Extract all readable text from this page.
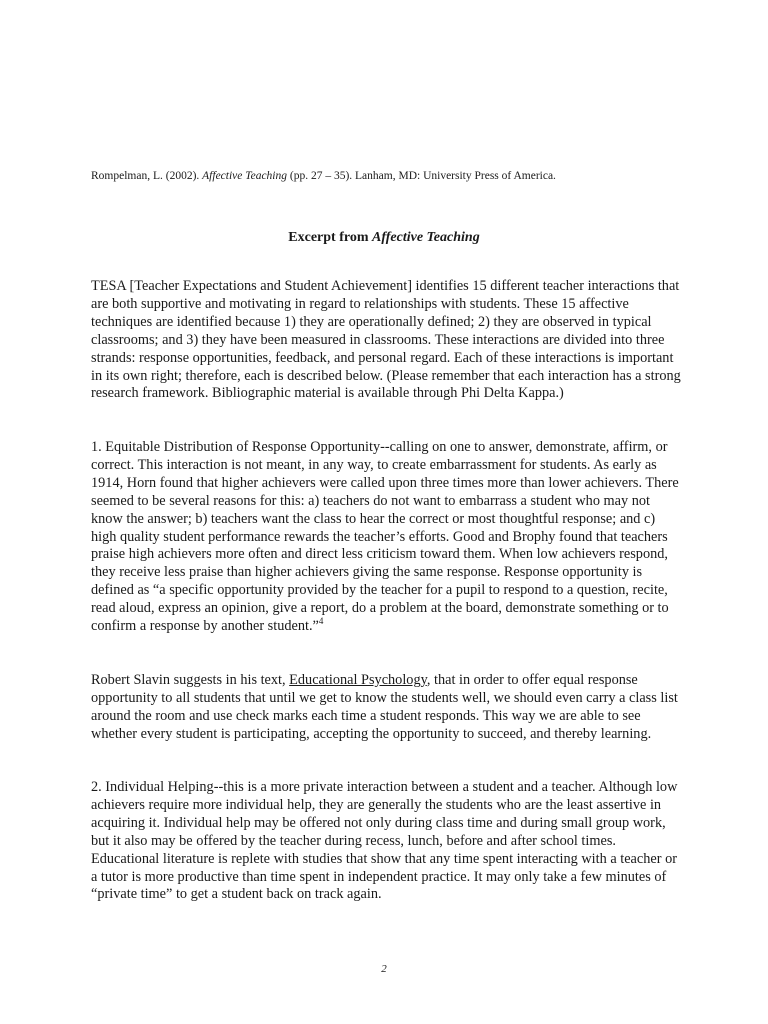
Rompelman, L. (2002). Affective Teaching (pp. 27 – 35). Lanham, MD: University Press of America.
Excerpt from Affective Teaching

TESA [Teacher Expectations and Student Achievement] identifies 15 different teacher interactions that are both supportive and motivating in regard to relationships with students. These 15 affective techniques are identified because 1) they are operationally defined; 2) they are observed in typical classrooms; and 3) they have been measured in classrooms. These interactions are divided into three strands: response opportunities, feedback, and personal regard. Each of these interactions is important in its own right; therefore, each is described below. (Please remember that each interaction has a strong research framework. Bibliographic material is available through Phi Delta Kappa.)

1. Equitable Distribution of Response Opportunity--calling on one to answer, demonstrate, affirm, or correct. This interaction is not meant, in any way, to create embarrassment for students. As early as 1914, Horn found that higher achievers were called upon three times more than lower achievers. There seemed to be several reasons for this: a) teachers do not want to embarrass a student who may not know the answer; b) teachers want the class to hear the correct or most thoughtful response; and c) high quality student performance rewards the teacher’s efforts. Good and Brophy found that teachers praise high achievers more often and direct less criticism toward them. When low achievers respond, they receive less praise than higher achievers giving the same response. Response opportunity is defined as “a specific opportunity provided by the teacher for a pupil to respond to a question, recite, read aloud, express an opinion, give a report, do a problem at the board, demonstrate something or to confirm a response by another student.”$^4$

Robert Slavin suggests in his text, Educational Psychology, that in order to offer equal response opportunity to all students that until we get to know the students well, we should even carry a class list around the room and use check marks each time a student responds. This way we are able to see whether every student is participating, accepting the opportunity to succeed, and thereby learning.

2. Individual Helping--this is a more private interaction between a student and a teacher. Although low achievers require more individual help, they are generally the students who are the least assertive in acquiring it. Individual help may be offered not only during class time and during small group work, but it also may be offered by the teacher during recess, lunch, before and after school times. Educational literature is replete with studies that show that any time spent interacting with a teacher or a tutor is more productive than time spent in independent practice. It may only take a few minutes of “private time” to get a student back on track again.

2
